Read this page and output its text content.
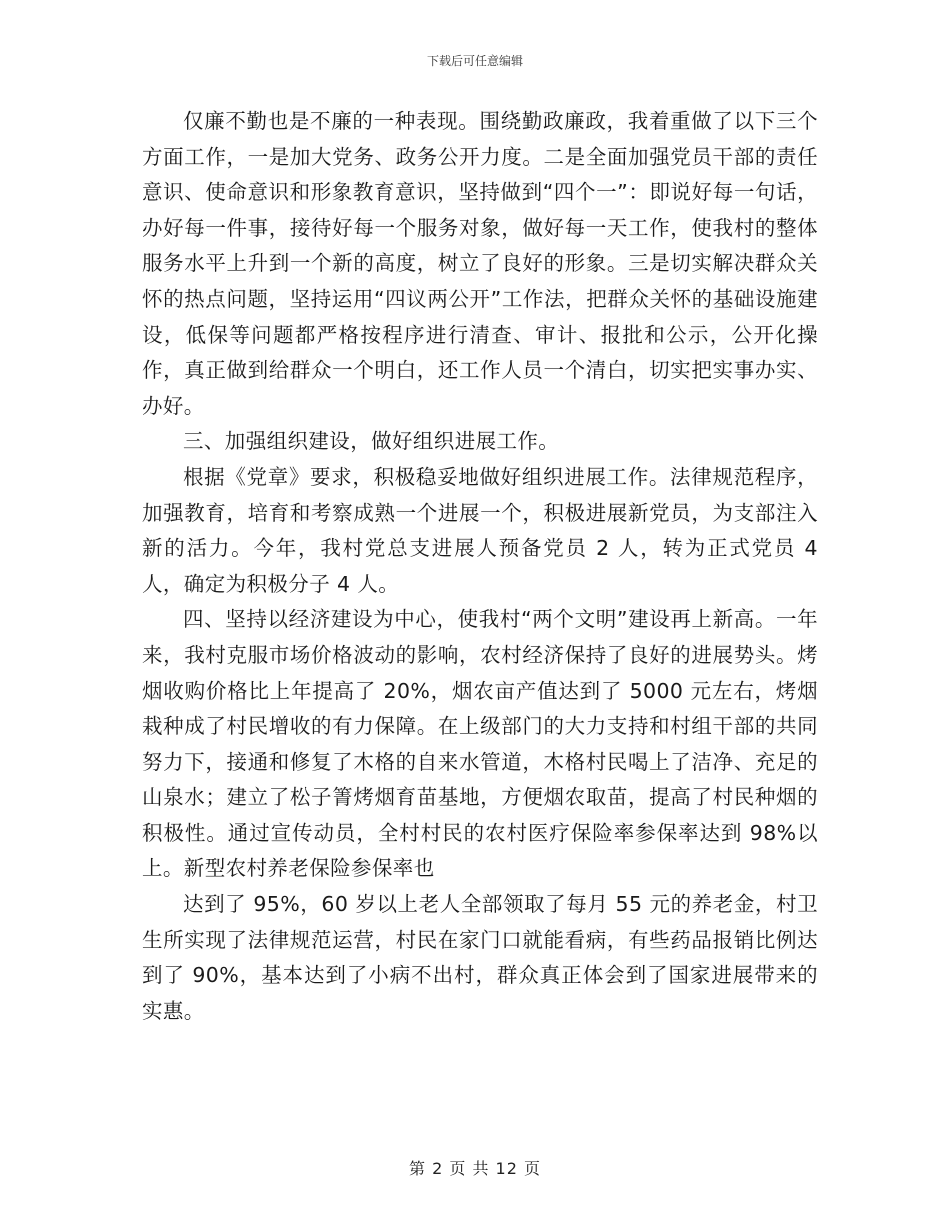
下载后可任意编辑

仅廉不勤也是不廉的一种表现。围绕勤政廉政，我着重做了以下三个方面工作，一是加大党务、政务公开力度。二是全面加强党员干部的责任意识、使命意识和形象教育意识，坚持做到“四个一”：即说好每一句话，办好每一件事，接待好每一个服务对象，做好每一天工作，使我村的整体服务水平上升到一个新的高度，树立了良好的形象。三是切实解决群众关怀的热点问题，坚持运用“四议两公开”工作法，把群众关怀的基础设施建设，低保等问题都严格按程序进行清查、审计、报批和公示，公开化操作，真正做到给群众一个明白，还工作人员一个清白，切实把实事办实、办好。

三、加强组织建设，做好组织进展工作。

根据《党章》要求，积极稳妥地做好组织进展工作。法律规范程序，加强教育，培育和考察成熟一个进展一个，积极进展新党员，为支部注入新的活力。今年，我村党总支进展人预备党员 2 人，转为正式党员 4 人，确定为积极分子 4 人。

四、坚持以经济建设为中心，使我村“两个文明”建设再上新高。一年来，我村克服市场价格波动的影响，农村经济保持了良好的进展势头。烤烟收购价格比上年提高了 20%，烟农亩产值达到了 5000 元左右，烤烟栽种成了村民增收的有力保障。在上级部门的大力支持和村组干部的共同努力下，接通和修复了木格的自来水管道，木格村民喝上了洁净、充足的山泉水；建立了松子箐烤烟育苗基地，方便烟农取苗，提高了村民种烟的积极性。通过宣传动员，全村村民的农村医疗保险率参保率达到 98%以上。新型农村养老保险参保率也

达到了 95%，60 岁以上老人全部领取了每月 55 元的养老金，村卫生所实现了法律规范运营，村民在家门口就能看病，有些药品报销比例达到了 90%，基本达到了小病不出村，群众真正体会到了国家进展带来的实惠。

第 2 页 共 12 页
